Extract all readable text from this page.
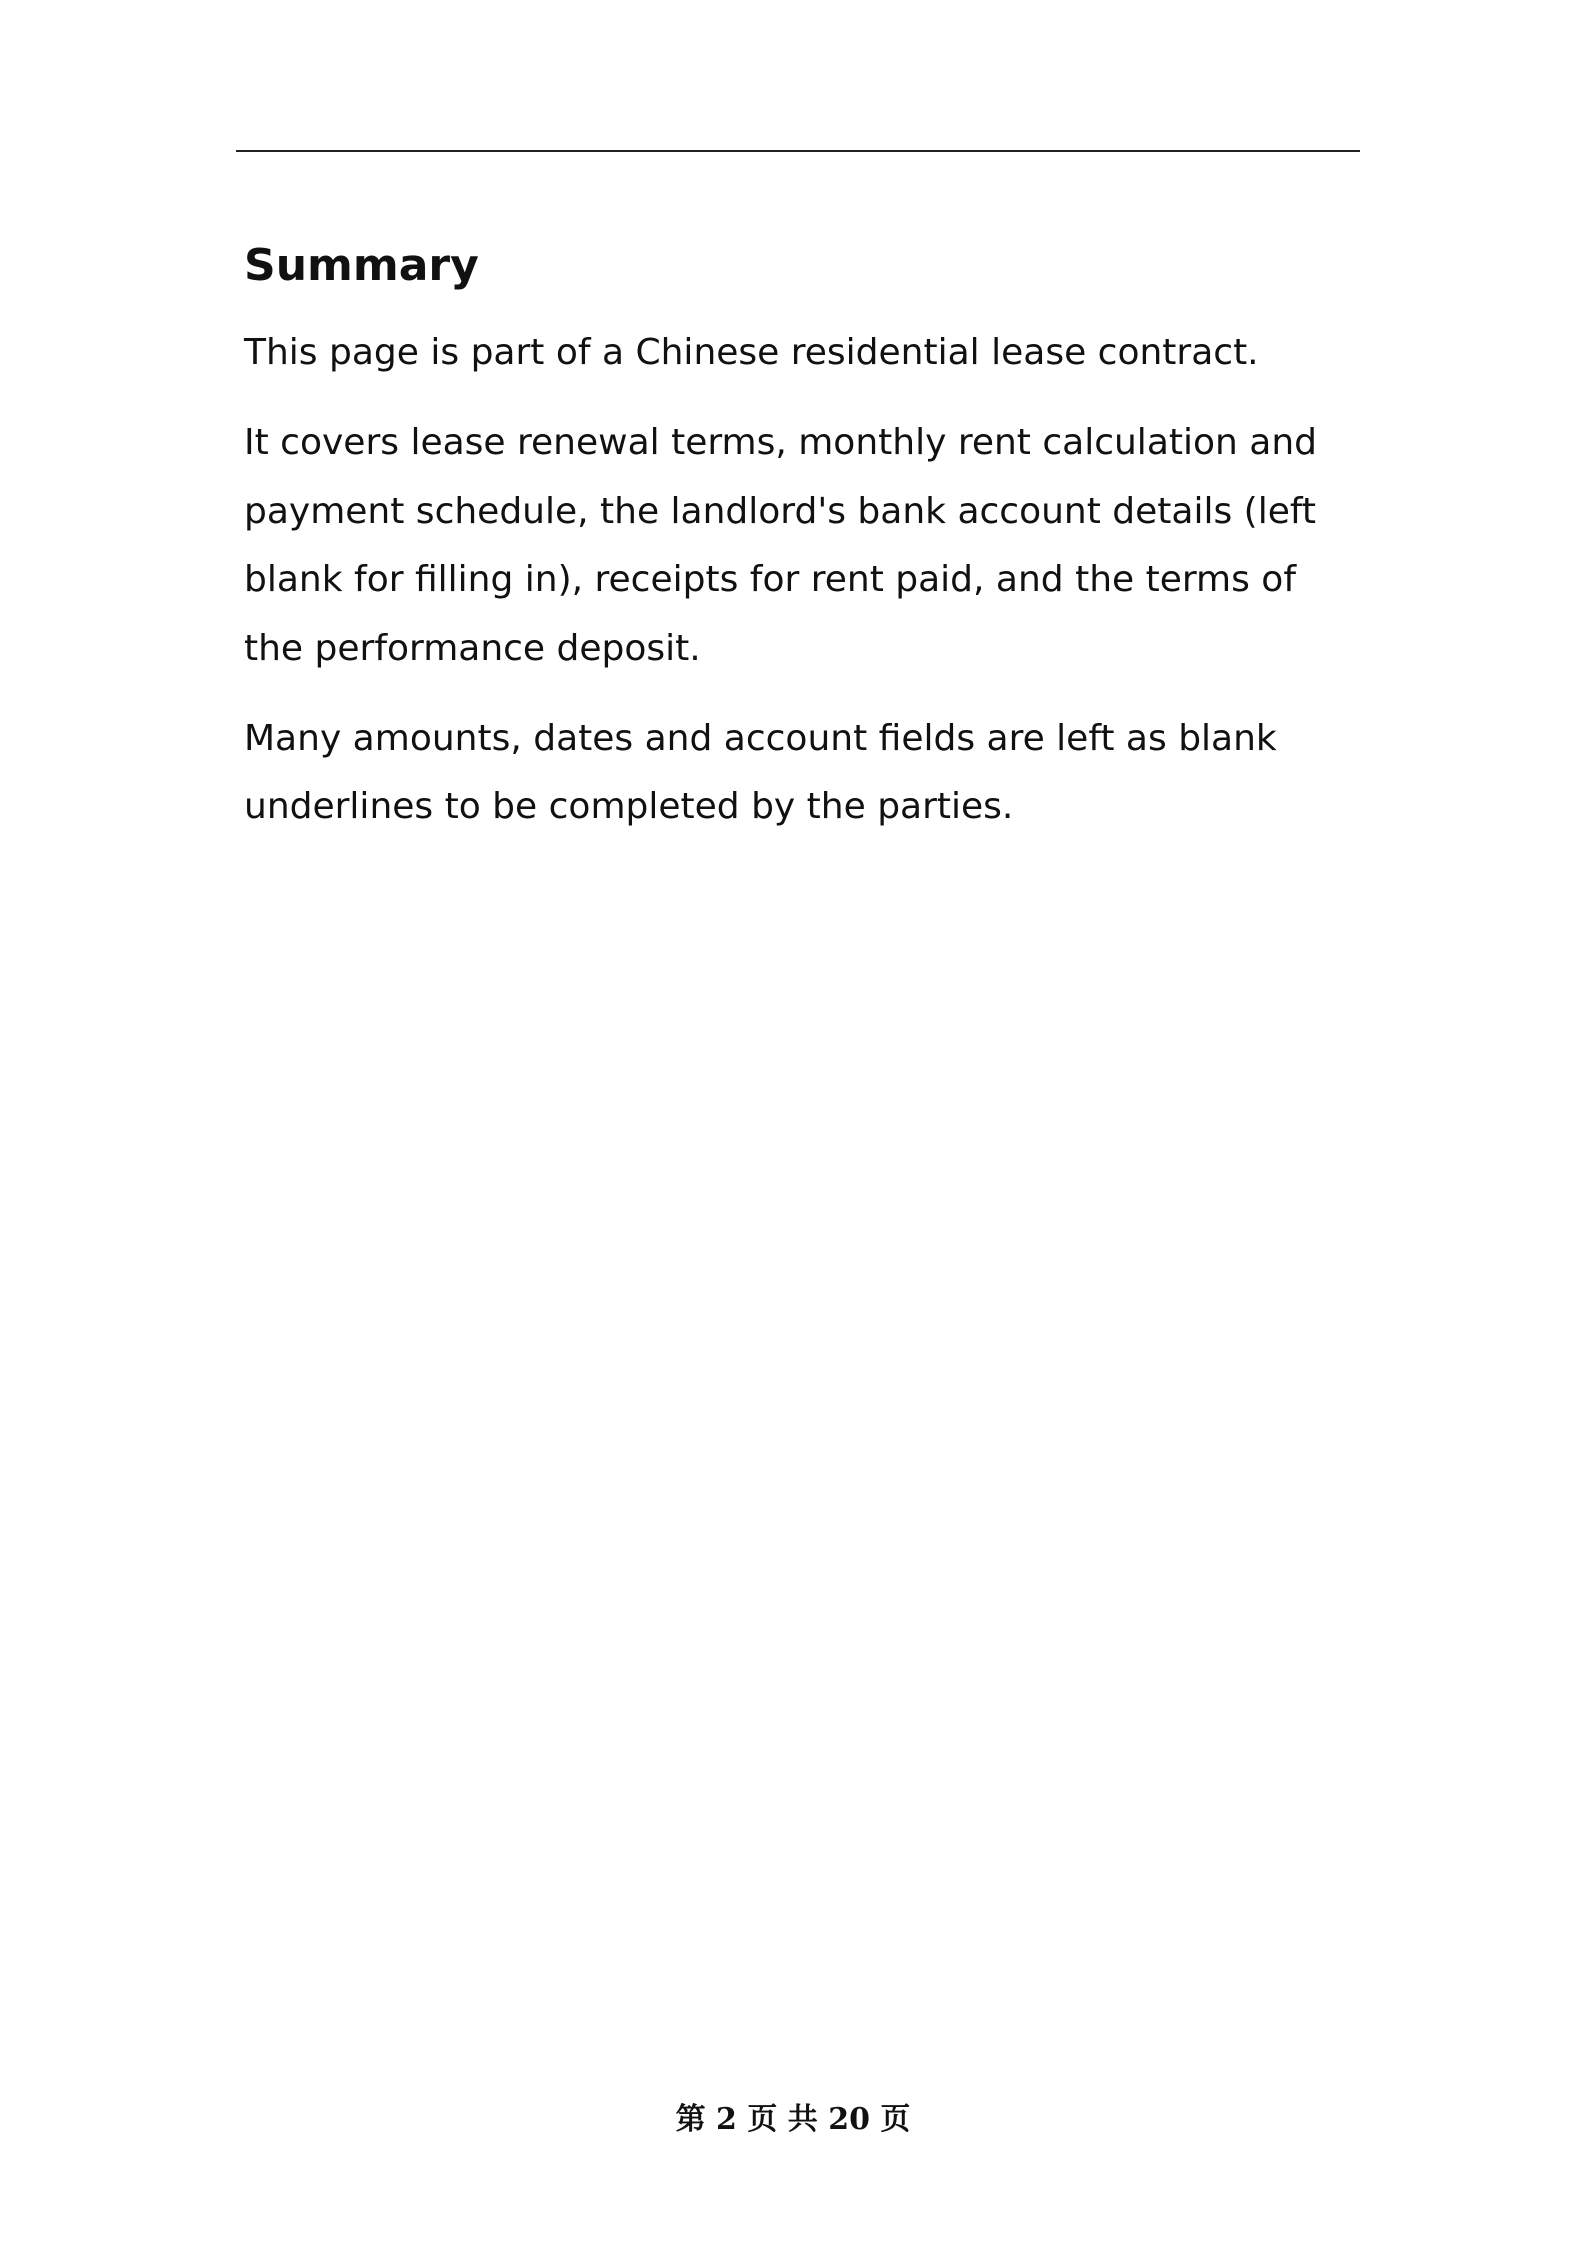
Summary

This page is part of a Chinese residential lease contract.

It covers lease renewal terms, monthly rent calculation and payment schedule, the landlord's bank account details (left blank for filling in), receipts for rent paid, and the terms of the performance deposit.

Many amounts, dates and account fields are left as blank underlines to be completed by the parties.

第 2 页 共 20 页
